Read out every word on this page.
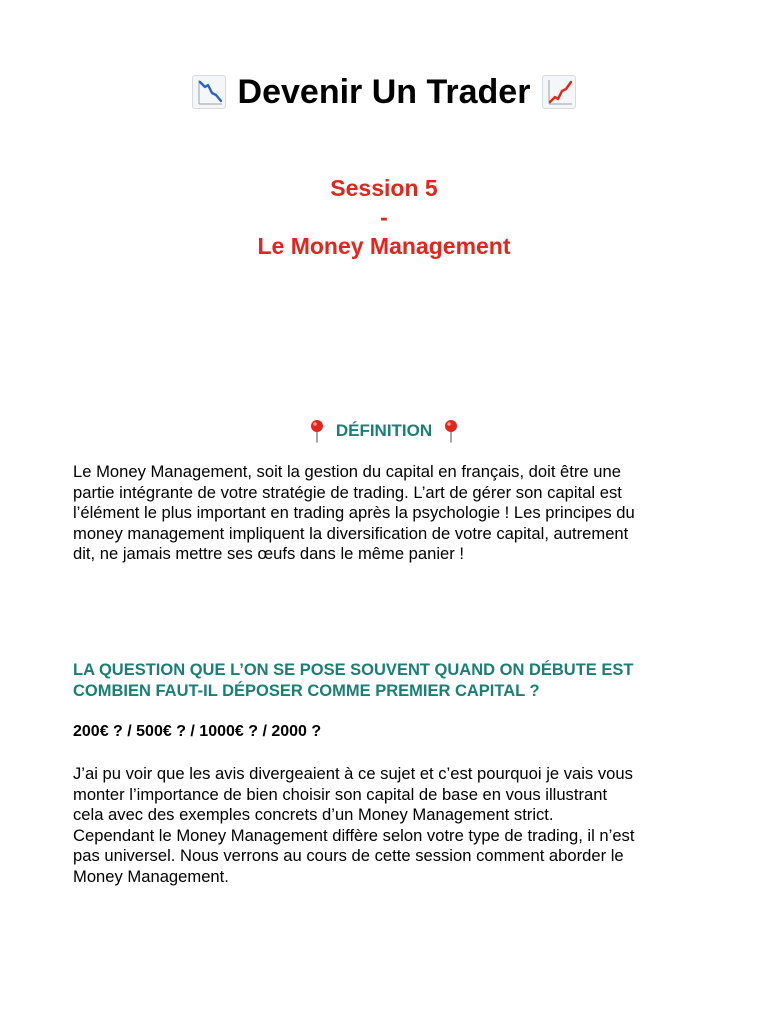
Devenir Un Trader
Session 5
-
Le Money Management
DÉFINITION
Le Money Management, soit la gestion du capital en français, doit être une
partie intégrante de votre stratégie de trading. L’art de gérer son capital est
l’élément le plus important en trading après la psychologie ! Les principes du
money management impliquent la diversification de votre capital, autrement
dit, ne jamais mettre ses œufs dans le même panier !
LA QUESTION QUE L’ON SE POSE SOUVENT QUAND ON DÉBUTE EST
COMBIEN FAUT-IL DÉPOSER COMME PREMIER CAPITAL ?
200€ ? / 500€ ? / 1000€ ? / 2000 ?
J’ai pu voir que les avis divergeaient à ce sujet et c’est pourquoi je vais vous
monter l’importance de bien choisir son capital de base en vous illustrant
cela avec des exemples concrets d’un Money Management strict.
Cependant le Money Management diffère selon votre type de trading, il n’est
pas universel. Nous verrons au cours de cette session comment aborder le
Money Management.
